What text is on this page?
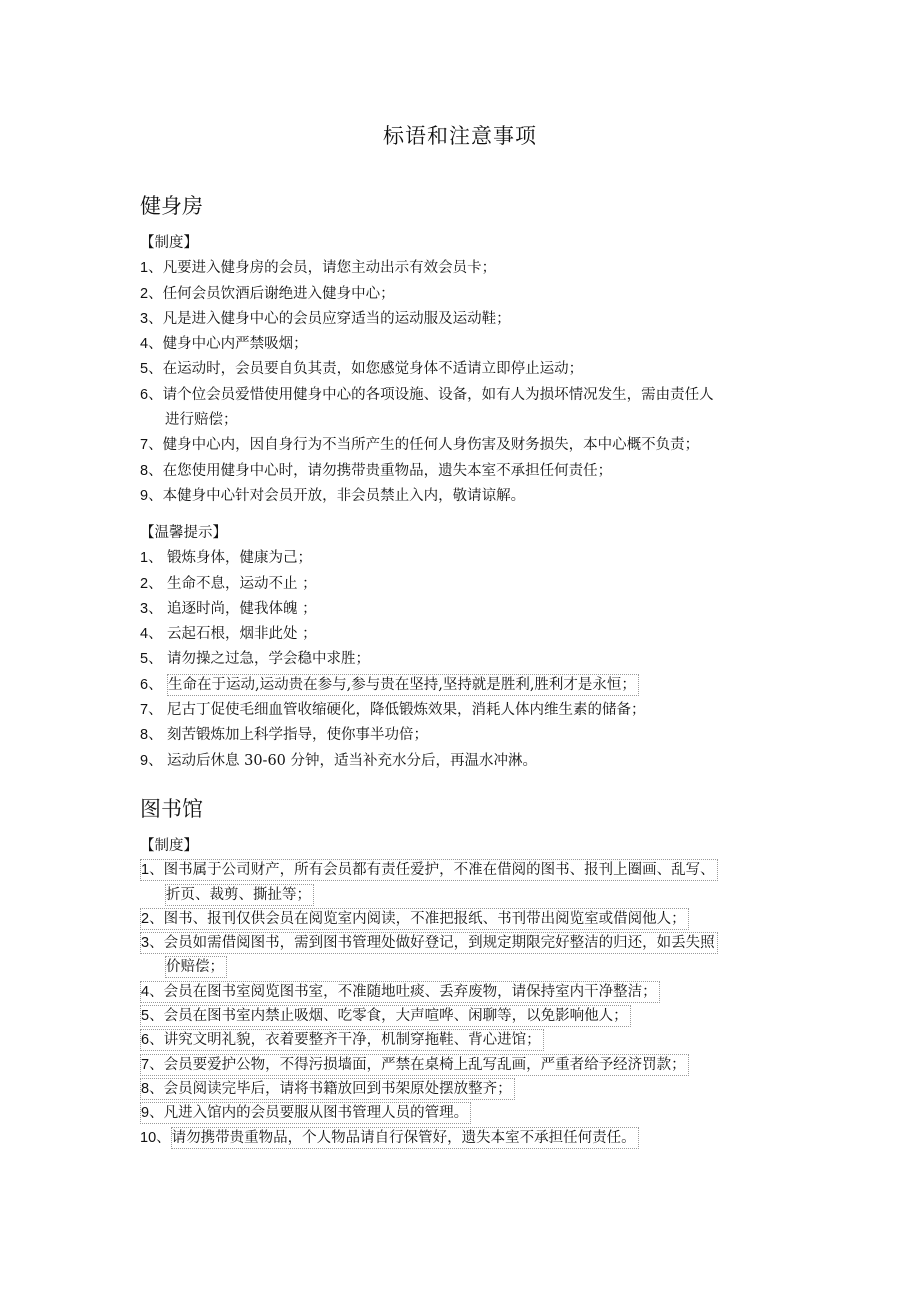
标语和注意事项
健身房
【制度】
1、凡要进入健身房的会员，请您主动出示有效会员卡；
2、任何会员饮酒后谢绝进入健身中心；
3、凡是进入健身中心的会员应穿适当的运动服及运动鞋；
4、健身中心内严禁吸烟；
5、在运动时，会员要自负其责，如您感觉身体不适请立即停止运动；
6、请个位会员爱惜使用健身中心的各项设施、设备，如有人为损坏情况发生，需由责任人
进行赔偿；
7、健身中心内，因自身行为不当所产生的任何人身伤害及财务损失，本中心概不负责；
8、在您使用健身中心时，请勿携带贵重物品，遗失本室不承担任何责任；
9、本健身中心针对会员开放，非会员禁止入内，敬请谅解。
【温馨提示】
1、 锻炼身体，健康为己；
2、 生命不息，运动不止 ；
3、 追逐时尚，健我体魄 ；
4、 云起石根，烟非此处 ；
5、 请勿操之过急，学会稳中求胜；
6、 生命在于运动,运动贵在参与,参与贵在坚持,坚持就是胜利,胜利才是永恒；
7、 尼古丁促使毛细血管收缩硬化，降低锻炼效果，消耗人体内维生素的储备；
8、 刻苦锻炼加上科学指导，使你事半功倍；
9、 运动后休息 30-60 分钟，适当补充水分后，再温水冲淋。
图书馆
【制度】
1、图书属于公司财产，所有会员都有责任爱护，不准在借阅的图书、报刊上圈画、乱写、
折页、裁剪、撕扯等；
2、图书、报刊仅供会员在阅览室内阅读，不准把报纸、书刊带出阅览室或借阅他人；
3、会员如需借阅图书，需到图书管理处做好登记，到规定期限完好整洁的归还，如丢失照
价赔偿；
4、会员在图书室阅览图书室，不准随地吐痰、丢弃废物，请保持室内干净整洁；
5、会员在图书室内禁止吸烟、吃零食，大声喧哗、闲聊等，以免影响他人；
6、讲究文明礼貌，衣着要整齐干净，机制穿拖鞋、背心进馆；
7、会员要爱护公物，不得污损墙面，严禁在桌椅上乱写乱画，严重者给予经济罚款；
8、会员阅读完毕后，请将书籍放回到书架原处摆放整齐；
9、凡进入馆内的会员要服从图书管理人员的管理。
10、请勿携带贵重物品，个人物品请自行保管好，遗失本室不承担任何责任。
